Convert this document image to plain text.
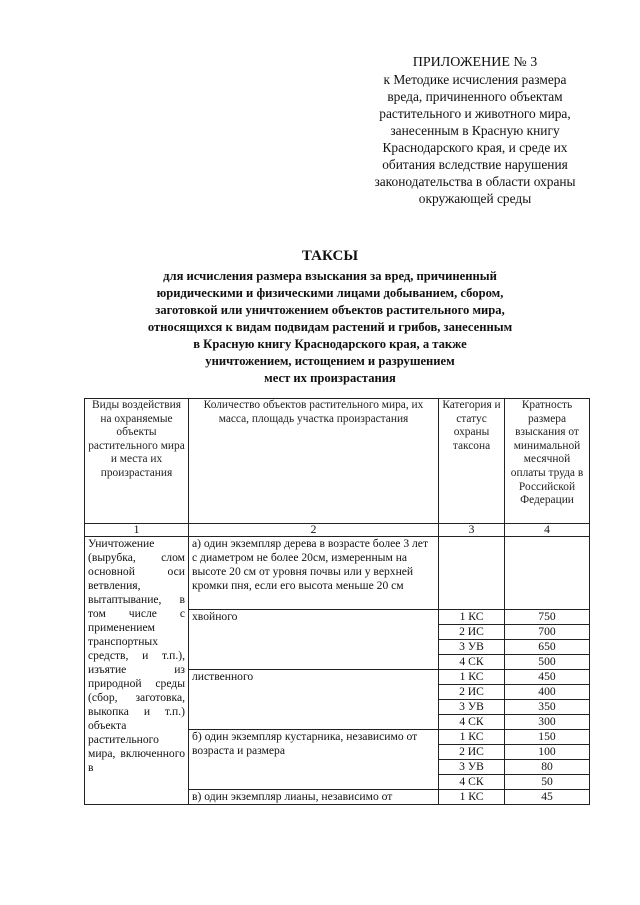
ПРИЛОЖЕНИЕ № 3
к Методике исчисления размера
вреда, причиненного объектам
растительного и животного мира,
занесенным в Красную книгу
Краснодарского края, и среде их
обитания вследствие нарушения
законодательства в области охраны
окружающей среды
ТАКСЫ
для исчисления размера взыскания за вред, причиненный
юридическими и физическими лицами добыванием, сбором,
заготовкой или уничтожением объектов растительного мира,
относящихся к видам подвидам растений и грибов, занесенным
в Красную книгу Краснодарского края, а также
уничтожением, истощением и разрушением
мест их произрастания
Виды воздействия на охраняемые объекты растительного мира и места их произрастания	Количество объектов растительного мира, их масса, площадь участка произрастания	Категория и статус охраны таксона	Кратность размера взыскания от минимальной месячной оплаты труда в Российской Федерации
1	2	3	4
Уничтожение (вырубка, слом основной оси ветвления, вытаптывание, в том числе с применением транспортных средств, и т.п.), изъятие из природной среды (сбор, заготовка, выкопка и т.п.) объекта растительного мира, включенного в	а) один экземпляр дерева в возрасте более 3 лет с диаметром не более 20см, измеренным на высоте 20 см от уровня почвы или у верхней кромки пня, если его высота меньше 20 см		
	хвойного	1 КС	750
		2 ИС	700
		3 УВ	650
		4 СК	500
	лиственного	1 КС	450
		2 ИС	400
		3 УВ	350
		4 СК	300
	б) один экземпляр кустарника, независимо от возраста и размера	1 КС	150
		2 ИС	100
		3 УВ	80
		4 СК	50
	в) один экземпляр лианы, независимо от	1 КС	45
